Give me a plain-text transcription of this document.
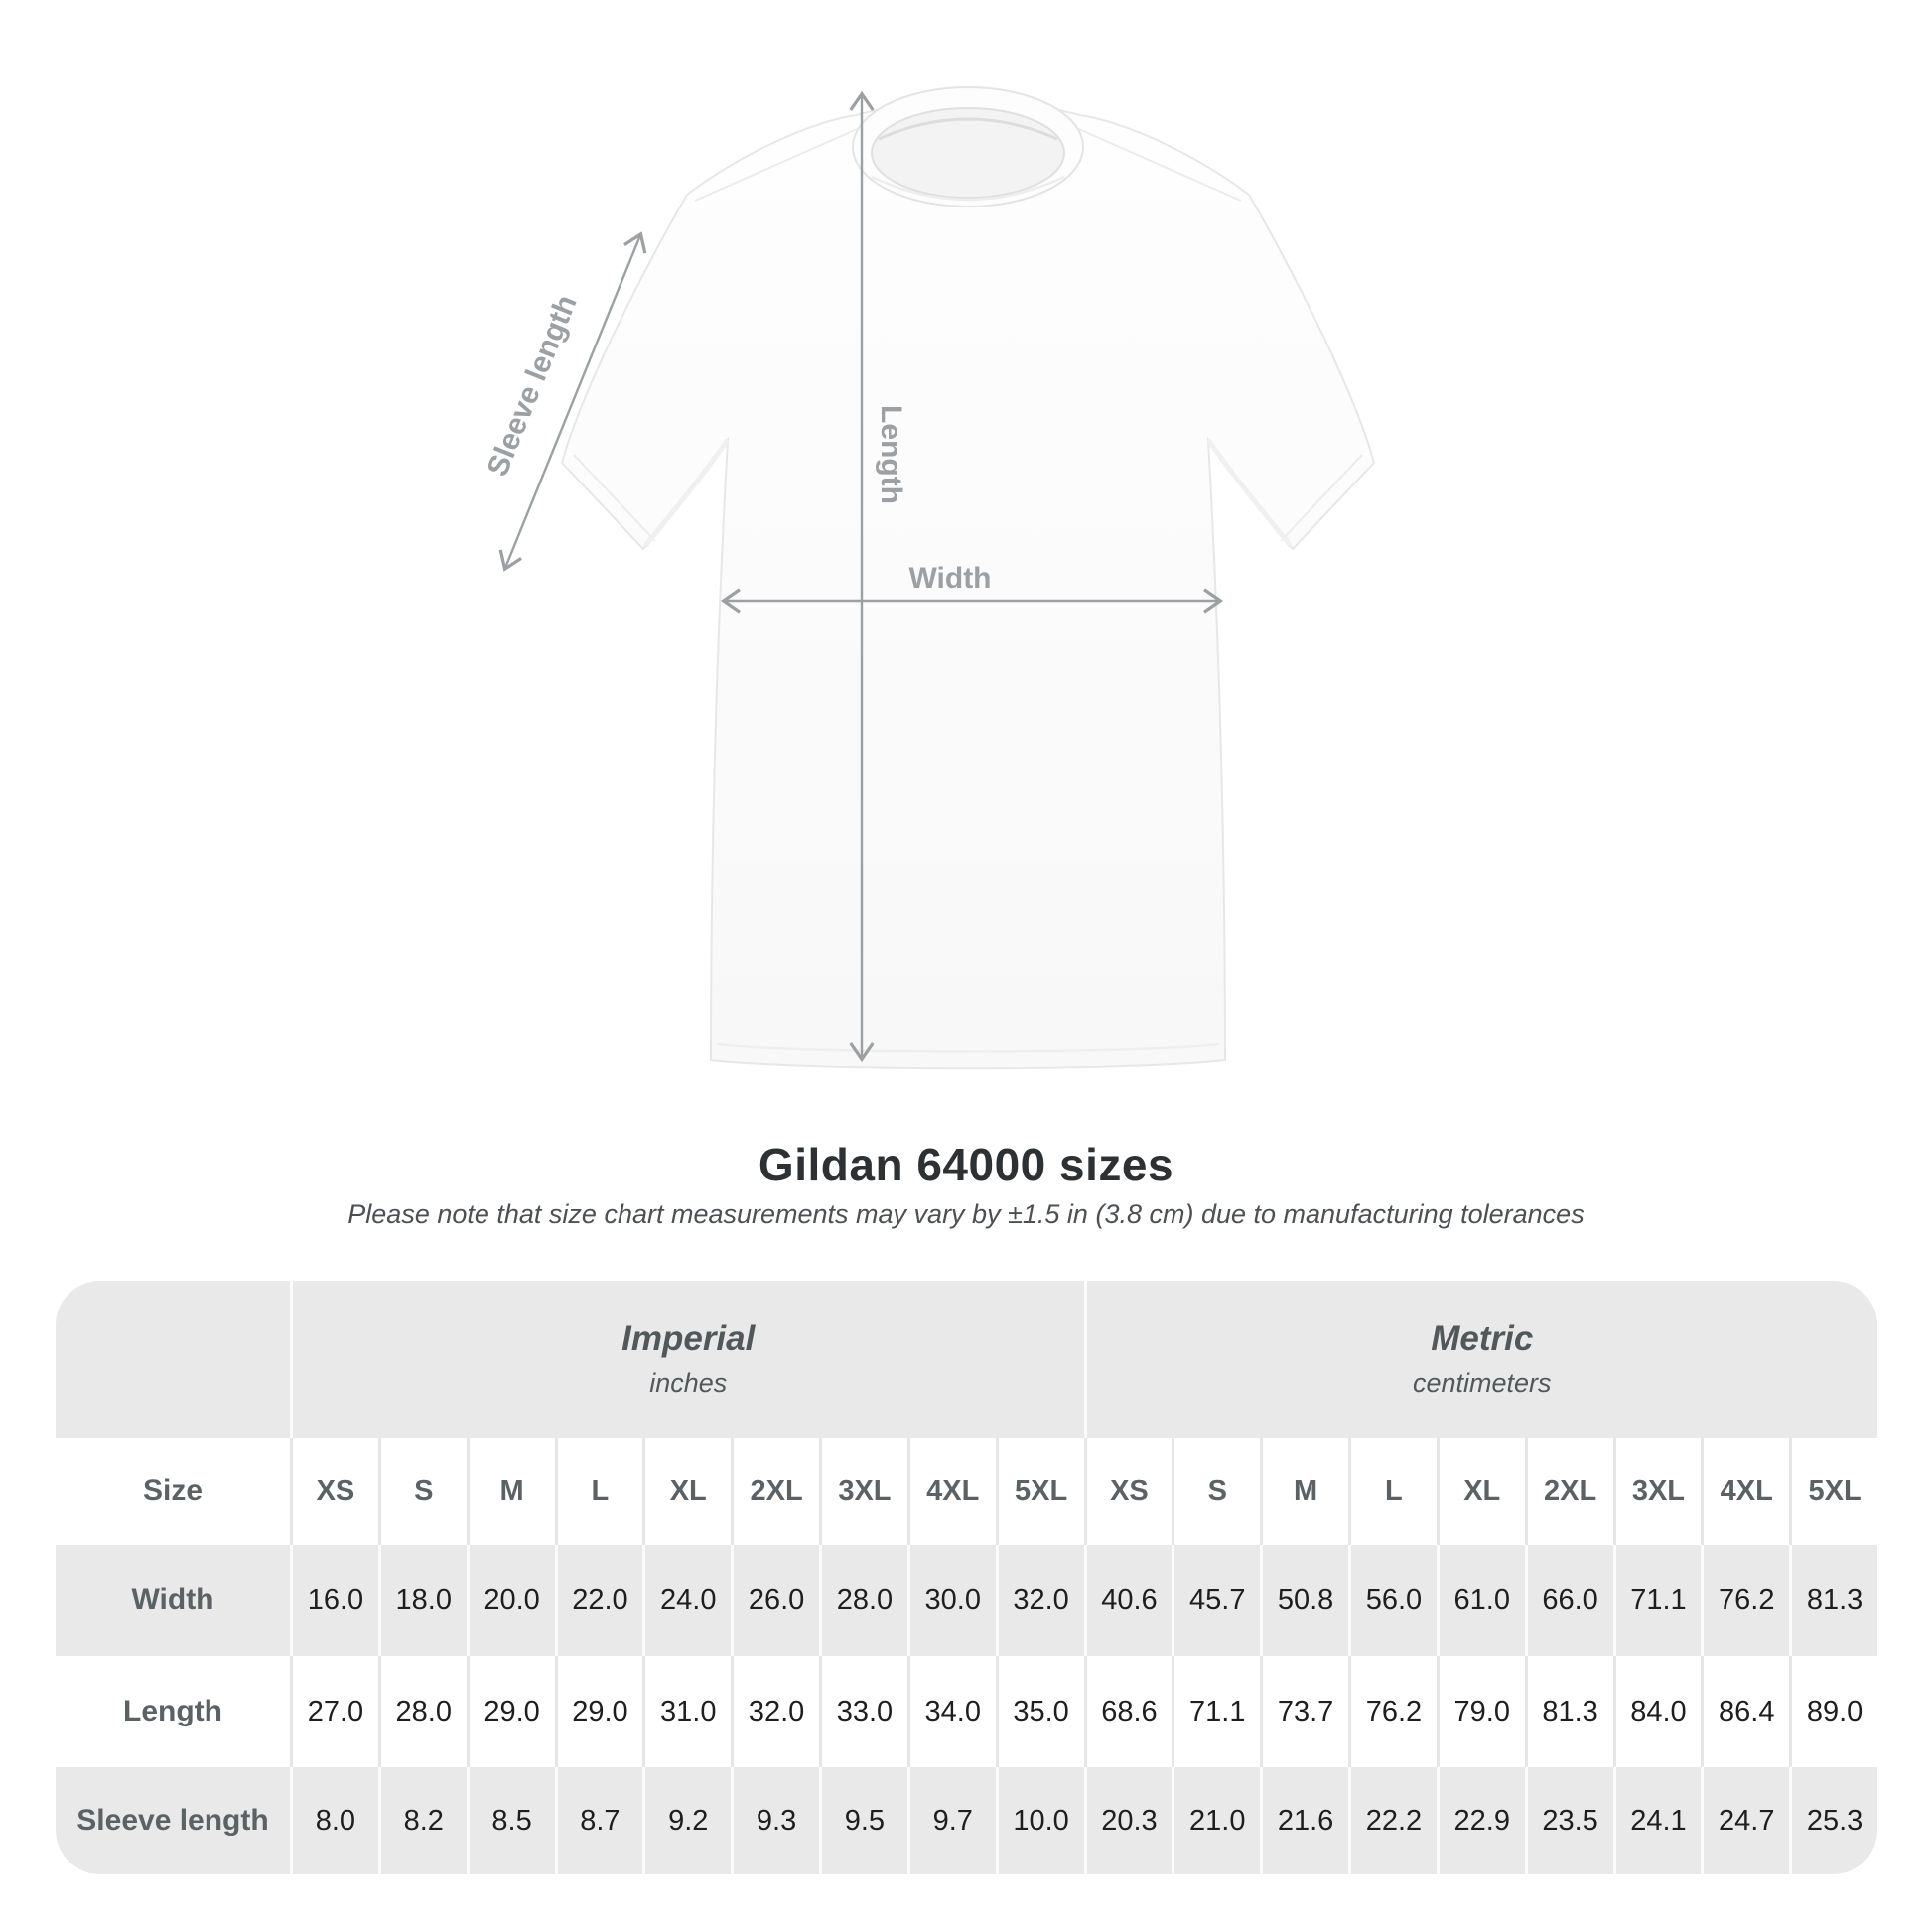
Sleeve length	Length
Width
Gildan 64000 sizes
Please note that size chart measurements may vary by ±1.5 in (3.8 cm) due to manufacturing tolerances
Imperial
inches
Metric
centimeters
Size	XS	S	M	L	XL	2XL	3XL	4XL	5XL	XS	S	M	L	XL	2XL	3XL	4XL	5XL
Width	16.0	18.0	20.0	22.0	24.0	26.0	28.0	30.0	32.0	40.6	45.7	50.8	56.0	61.0	66.0	71.1	76.2	81.3
Length	27.0	28.0	29.0	29.0	31.0	32.0	33.0	34.0	35.0	68.6	71.1	73.7	76.2	79.0	81.3	84.0	86.4	89.0
Sleeve length	8.0	8.2	8.5	8.7	9.2	9.3	9.5	9.7	10.0	20.3	21.0	21.6	22.2	22.9	23.5	24.1	24.7	25.3
